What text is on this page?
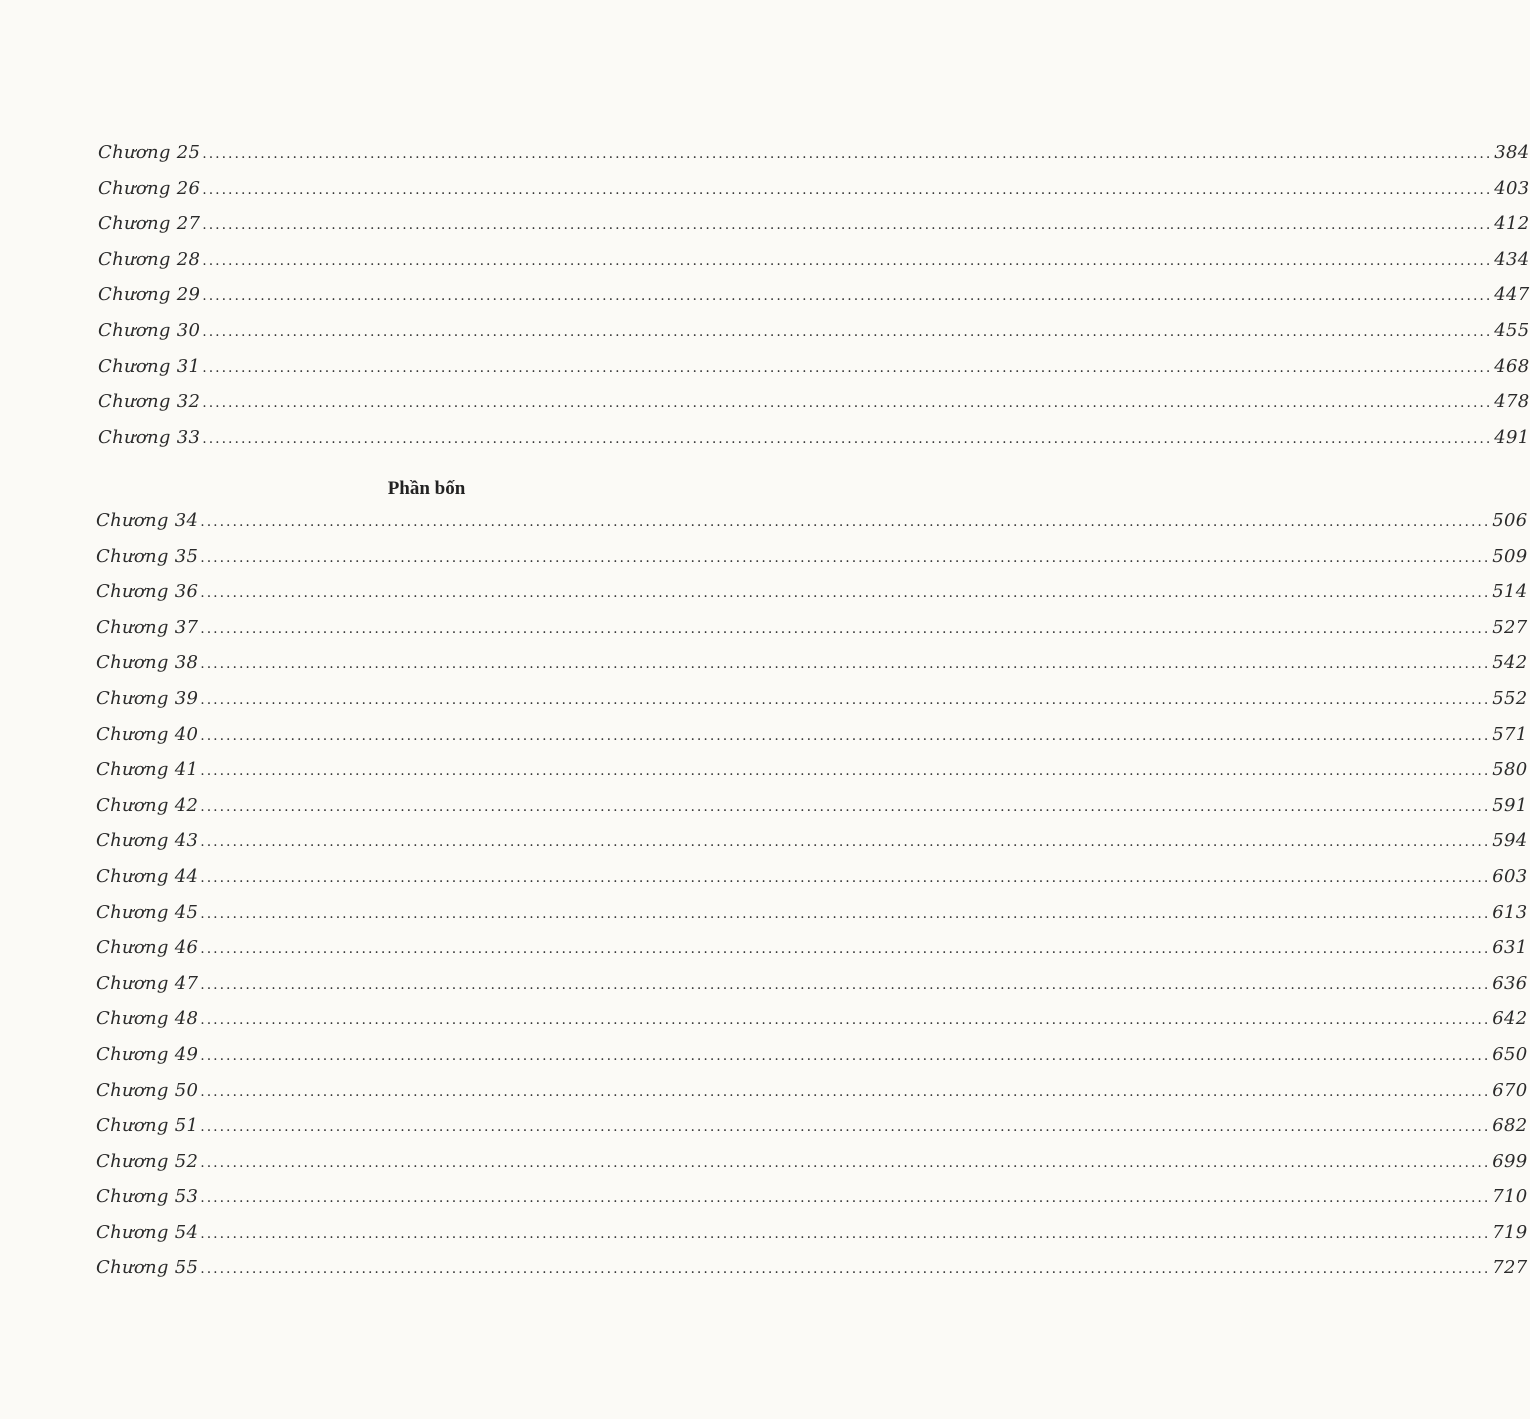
Chương 25 ........................................................................................................................................................................................................ 384
Chương 26 ........................................................................................................................................................................................................ 403
Chương 27 ........................................................................................................................................................................................................ 412
Chương 28 ........................................................................................................................................................................................................ 434
Chương 29 ........................................................................................................................................................................................................ 447
Chương 30 ........................................................................................................................................................................................................ 455
Chương 31 ........................................................................................................................................................................................................ 468
Chương 32 ........................................................................................................................................................................................................ 478
Chương 33 ........................................................................................................................................................................................................ 491
Phần bốn
Chương 34 ........................................................................................................................................................................................................ 506
Chương 35 ........................................................................................................................................................................................................ 509
Chương 36 ........................................................................................................................................................................................................ 514
Chương 37 ........................................................................................................................................................................................................ 527
Chương 38 ........................................................................................................................................................................................................ 542
Chương 39 ........................................................................................................................................................................................................ 552
Chương 40 ........................................................................................................................................................................................................ 571
Chương 41 ........................................................................................................................................................................................................ 580
Chương 42 ........................................................................................................................................................................................................ 591
Chương 43 ........................................................................................................................................................................................................ 594
Chương 44 ........................................................................................................................................................................................................ 603
Chương 45 ........................................................................................................................................................................................................ 613
Chương 46 ........................................................................................................................................................................................................ 631
Chương 47 ........................................................................................................................................................................................................ 636
Chương 48 ........................................................................................................................................................................................................ 642
Chương 49 ........................................................................................................................................................................................................ 650
Chương 50 ........................................................................................................................................................................................................ 670
Chương 51 ........................................................................................................................................................................................................ 682
Chương 52 ........................................................................................................................................................................................................ 699
Chương 53 ........................................................................................................................................................................................................ 710
Chương 54 ........................................................................................................................................................................................................ 719
Chương 55 ........................................................................................................................................................................................................ 727
